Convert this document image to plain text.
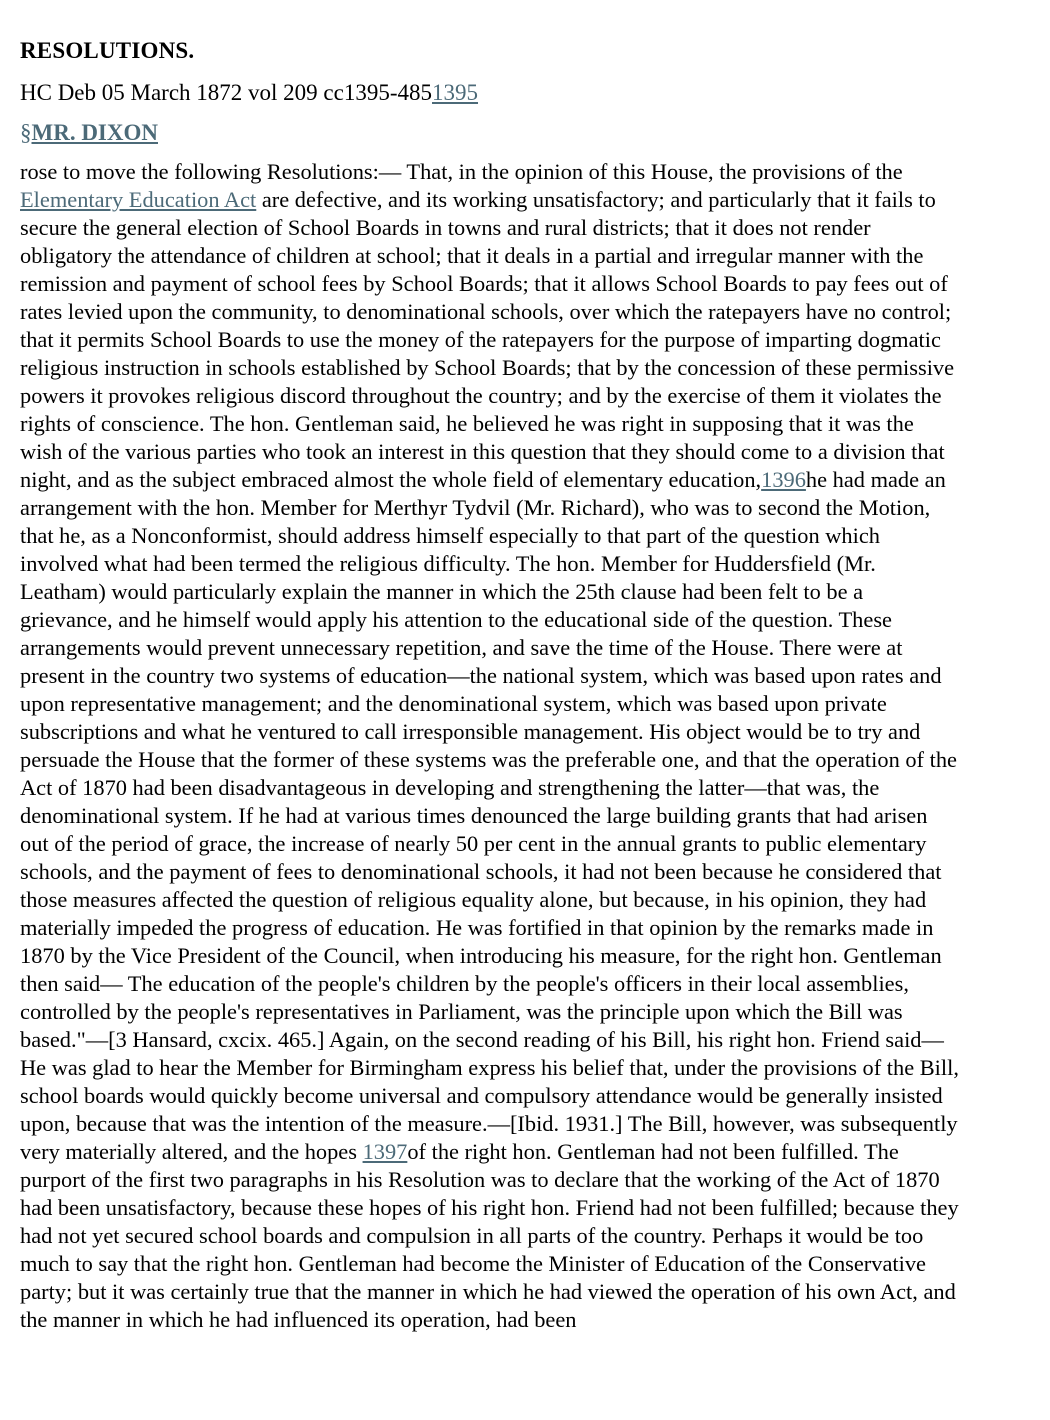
RESOLUTIONS.
HC Deb 05 March 1872 vol 209 cc1395-4851395
§MR. DIXON

rose to move the following Resolutions:— That, in the opinion of this House, the provisions of the Elementary Education Act are defective, and its working unsatisfactory; and particularly that it fails to secure the general election of School Boards in towns and rural districts; that it does not render obligatory the attendance of children at school; that it deals in a partial and irregular manner with the remission and payment of school fees by School Boards; that it allows School Boards to pay fees out of rates levied upon the community, to denominational schools, over which the ratepayers have no control; that it permits School Boards to use the money of the ratepayers for the purpose of imparting dogmatic religious instruction in schools established by School Boards; that by the concession of these permissive powers it provokes religious discord throughout the country; and by the exercise of them it violates the rights of conscience. The hon. Gentleman said, he believed he was right in supposing that it was the wish of the various parties who took an interest in this question that they should come to a division that night, and as the subject embraced almost the whole field of elementary education,1396he had made an arrangement with the hon. Member for Merthyr Tydvil (Mr. Richard), who was to second the Motion, that he, as a Nonconformist, should address himself especially to that part of the question which involved what had been termed the religious difficulty. The hon. Member for Huddersfield (Mr. Leatham) would particularly explain the manner in which the 25th clause had been felt to be a grievance, and he himself would apply his attention to the educational side of the question. These arrangements would prevent unnecessary repetition, and save the time of the House. There were at present in the country two systems of education—the national system, which was based upon rates and upon representative management; and the denominational system, which was based upon private subscriptions and what he ventured to call irresponsible management. His object would be to try and persuade the House that the former of these systems was the preferable one, and that the operation of the Act of 1870 had been disadvantageous in developing and strengthening the latter—that was, the denominational system. If he had at various times denounced the large building grants that had arisen out of the period of grace, the increase of nearly 50 per cent in the annual grants to public elementary schools, and the payment of fees to denominational schools, it had not been because he considered that those measures affected the question of religious equality alone, but because, in his opinion, they had materially impeded the progress of education. He was fortified in that opinion by the remarks made in 1870 by the Vice President of the Council, when introducing his measure, for the right hon. Gentleman then said— The education of the people's children by the people's officers in their local assemblies, controlled by the people's representatives in Parliament, was the principle upon which the Bill was based."—[3 Hansard, cxcix. 465.] Again, on the second reading of his Bill, his right hon. Friend said— He was glad to hear the Member for Birmingham express his belief that, under the provisions of the Bill, school boards would quickly become universal and compulsory attendance would be generally insisted upon, because that was the intention of the measure.—[Ibid. 1931.] The Bill, however, was subsequently very materially altered, and the hopes 1397of the right hon. Gentleman had not been fulfilled. The purport of the first two paragraphs in his Resolution was to declare that the working of the Act of 1870 had been unsatisfactory, because these hopes of his right hon. Friend had not been fulfilled; because they had not yet secured school boards and compulsion in all parts of the country. Perhaps it would be too much to say that the right hon. Gentleman had become the Minister of Education of the Conservative party; but it was certainly true that the manner in which he had viewed the operation of his own Act, and the manner in which he had influenced its operation, had been
